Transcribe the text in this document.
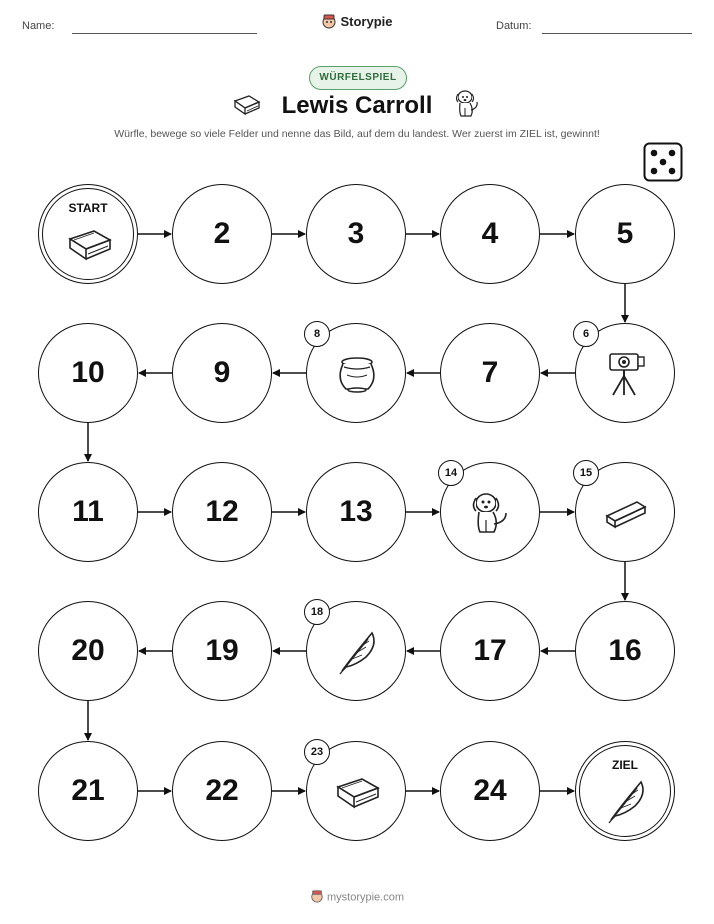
Name:	Storypie	Datum:
WÜRFELSPIEL
Lewis Carroll
Würfle, bewege so viele Felder und nenne das Bild, auf dem du landest. Wer zuerst im ZIEL ist, gewinnt!
START
2	3	4	5
6
7
8
9
10
11	12	13
14	15
16
17
18
19
20
21	22
23
24
ZIEL
mystorypie.com
